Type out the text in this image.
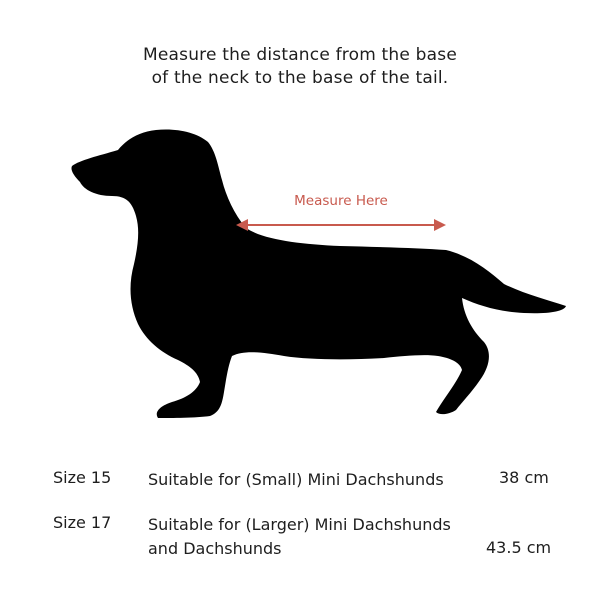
Measure the distance from the base
of the neck to the base of the tail.
Measure Here
Size 15 Suitable for (Small) Mini Dachshunds	38 cm
Size 17 Suitable for (Larger) Mini Dachshunds
and Dachshunds	43.5 cm
